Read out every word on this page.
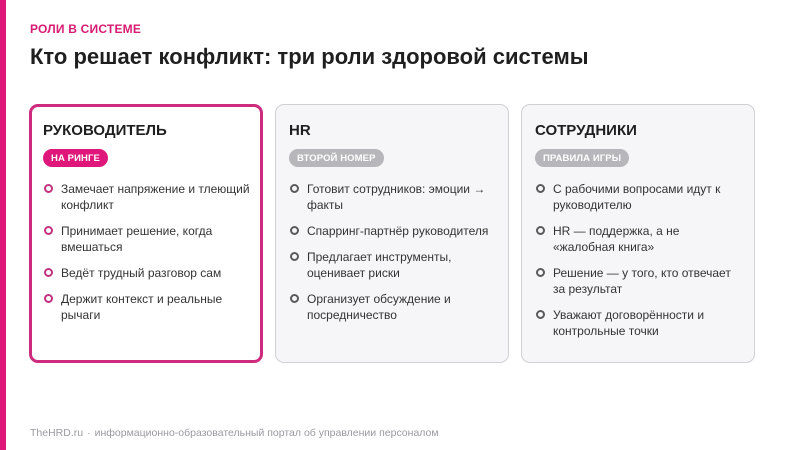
РОЛИ В СИСТЕМЕ
Кто решает конфликт: три роли здоровой системы
РУКОВОДИТЕЛЬ
НА РИНГЕ
Замечает напряжение и тлеющий конфликт
Принимает решение, когда вмешаться
Ведёт трудный разговор сам
Держит контекст и реальные рычаги
HR
ВТОРОЙ НОМЕР
Готовит сотрудников: эмоции → факты
Спарринг-партнёр руководителя
Предлагает инструменты, оценивает риски
Организует обсуждение и посредничество
СОТРУДНИКИ
ПРАВИЛА ИГРЫ
С рабочими вопросами идут к руководителю
HR — поддержка, а не «жалобная книга»
Решение — у того, кто отвечает за результат
Уважают договорённости и контрольные точки
TheHRD.ru · информационно-образовательный портал об управлении персоналом
